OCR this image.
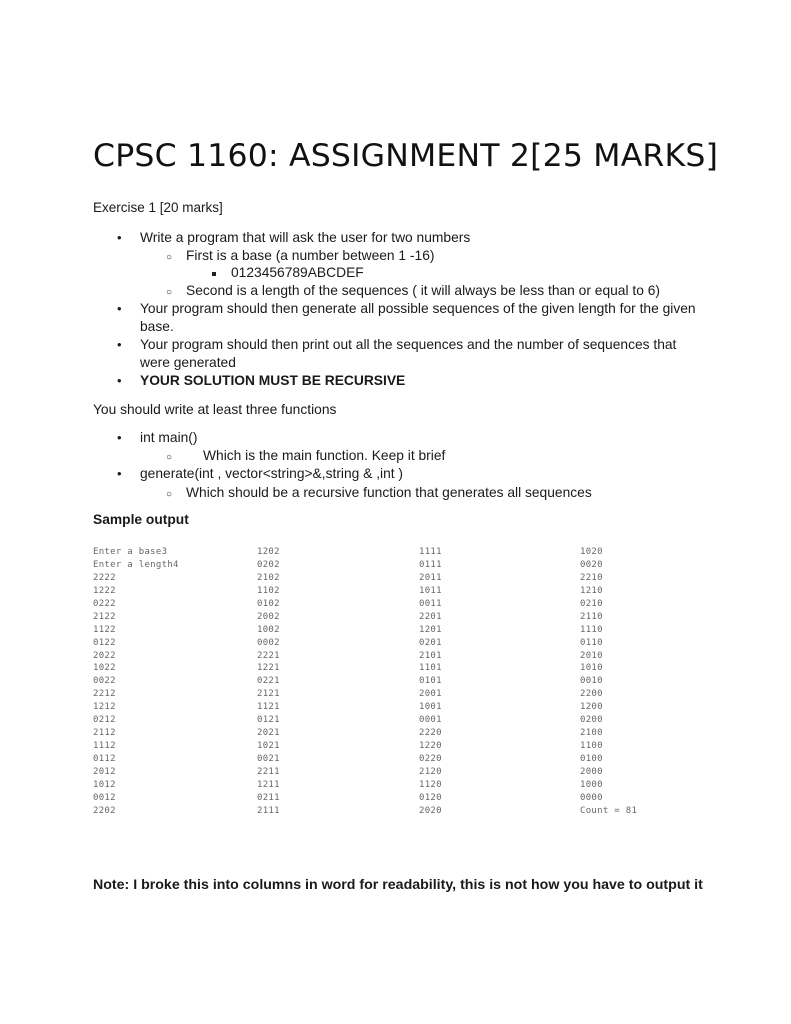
CPSC 1160: ASSIGNMENT 2[25 MARKS]
Exercise 1 [20 marks]
• Write a program that will ask the user for two numbers
○ First is a base (a number between 1 -16)
0123456789ABCDEF
○ Second is a length of the sequences ( it will always be less than or equal to 6)
• Your program should then generate all possible sequences of the given length for the given base.
• Your program should then print out all the sequences and the number of sequences that were generated
• YOUR SOLUTION MUST BE RECURSIVE
You should write at least three functions
• int main()
○ Which is the main function. Keep it brief
• generate(int , vector<string>&,string & ,int )
○ Which should be a recursive function that generates all sequences
Sample output
Enter a base3
Enter a length4
2222
1222
0222
2122
1122
0122
2022
1022
0022
2212
1212
0212
2112
1112
0112
2012
1012
0012
2202
1202
0202
2102
1102
0102
2002
1002
0002
2221
1221
0221
2121
1121
0121
2021
1021
0021
2211
1211
0211
2111
1111
0111
2011
1011
0011
2201
1201
0201
2101
1101
0101
2001
1001
0001
2220
1220
0220
2120
1120
0120
2020
1020
0020
2210
1210
0210
2110
1110
0110
2010
1010
0010
2200
1200
0200
2100
1100
0100
2000
1000
0000
Count = 81
Note: I broke this into columns in word for readability, this is not how you have to output it
